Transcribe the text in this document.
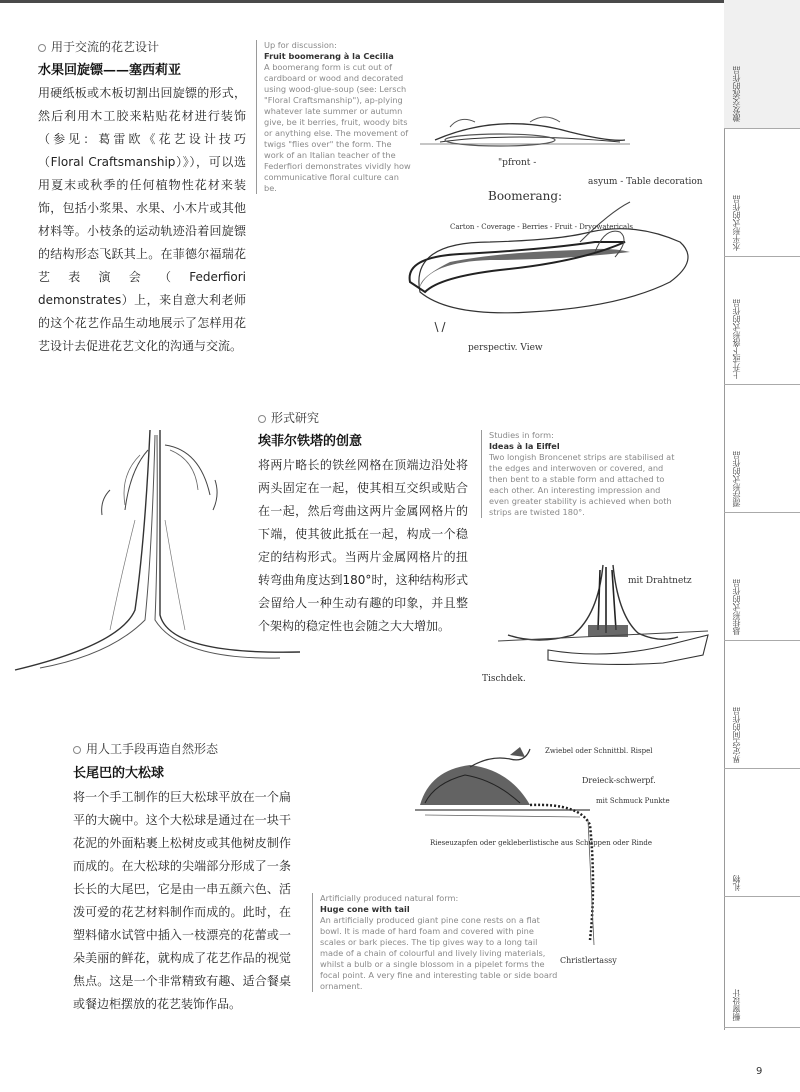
用于交流的花艺设计
水果回旋镖——塞西莉亚
用硬纸板或木板切割出回旋镖的形式，然后利用木工胶来粘贴花材进行装饰（参见：葛雷欧《花艺设计技巧（Floral Craftsmanship）》），可以选用夏末或秋季的任何植物性花材来装饰，包括小浆果、水果、小木片或其他材料等。小枝条的运动轨迹沿着回旋镖的结构形态飞跃其上。在菲德尔福瑞花艺表演会（Federfiori demonstrates）上，来自意大利老师的这个花艺作品生动地展示了怎样用花艺设计去促进花艺文化的沟通与交流。
Up for discussion:
Fruit boomerang à la Cecilia
A boomerang form is cut out of cardboard or wood and decorated using wood-glue-soup (see: Lersch "Floral Craftsmanship"), ap-plying whatever late summer or autumn give, be it berries, fruit, woody bits or anything else. The movement of twigs "flies over" the form. The work of an Italian teacher of the Federfiori demonstrates vividly how communicative floral culture can be.
"pfront -
asyum - Table decoration
Boomerang:
Carton - Coverage - Berries - Fruit - Dryowatericals
perspectiv. View
形式研究
埃菲尔铁塔的创意
将两片略长的铁丝网格在顶端边沿处将两头固定在一起，使其相互交织或贴合在一起，然后弯曲这两片金属网格片的下端，使其彼此抵在一起，构成一个稳定的结构形式。当两片金属网格片的扭转弯曲角度达到180°时，这种结构形式会留给人一种生动有趣的印象，并且整个架构的稳定性也会随之大大增加。
Studies in form:
Ideas à la Eiffel
Two longish Broncenet strips are stabilised at the edges and interwoven or covered, and then bent to a stable form and attached to each other. An interesting impression and even greater stability is achieved when both strips are twisted 180°.
mit Drahtnetz
Tischdek.
用人工手段再造自然形态
长尾巴的大松球
将一个手工制作的巨大松球平放在一个扁平的大碗中。这个大松球是通过在一块干花泥的外面粘裹上松树皮或其他树皮制作而成的。在大松球的尖端部分形成了一条长长的大尾巴，它是由一串五颜六色、活泼可爱的花艺材料制作而成的。此时，在塑料储水试管中插入一枝漂亮的花蕾或一朵美丽的鲜花，就构成了花艺作品的视觉焦点。这是一个非常精致有趣、适合餐桌或餐边柜摆放的花艺装饰作品。
Zwiebel oder Schnittbl. Rispel
Dreieck-schwerpf.
mit Schmuck Punkte
Rieseuzapfen oder gekleberlistische aus Schuppen oder Rinde
Christlertassy
Artificially produced natural form:
Huge cone with tail
An artificially produced giant pine cone rests on a flat bowl. It is made of hard foam and covered with pine scales or bark pieces. The tip gives way to a long tail made of a chain of colourful and lively living materials, whilst a bulb or a single blossom in a pipelet forms the focal point. A very fine and interesting table or side board ornament.
激发交流的作品
水平形式的作品
上升或下落形式的作品
漂浮形式的作品
悬挂形式的作品
界定空间的作品
礼物
橱窗设计
9
